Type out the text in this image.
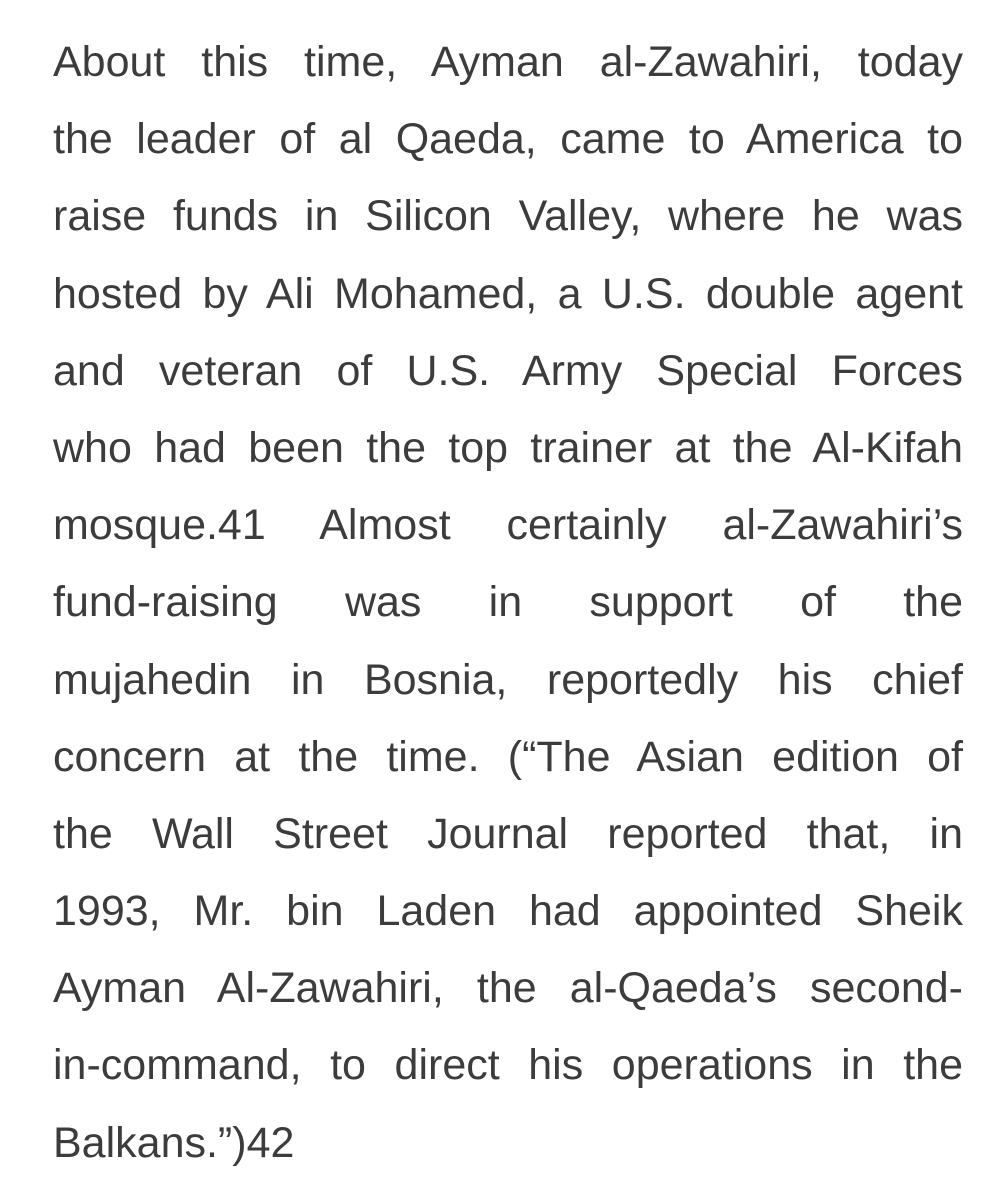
About this time, Ayman al-Zawahiri, today
the leader of al Qaeda, came to America to
raise funds in Silicon Valley, where he was
hosted by Ali Mohamed, a U.S. double agent
and veteran of U.S. Army Special Forces
who had been the top trainer at the Al-Kifah
mosque.41 Almost certainly al-Zawahiri’s
fund-raising was in support of the
mujahedin in Bosnia, reportedly his chief
concern at the time. (“The Asian edition of
the Wall Street Journal reported that, in
1993, Mr. bin Laden had appointed Sheik
Ayman Al-Zawahiri, the al-Qaeda’s second-
in-command, to direct his operations in the
Balkans.”)42
